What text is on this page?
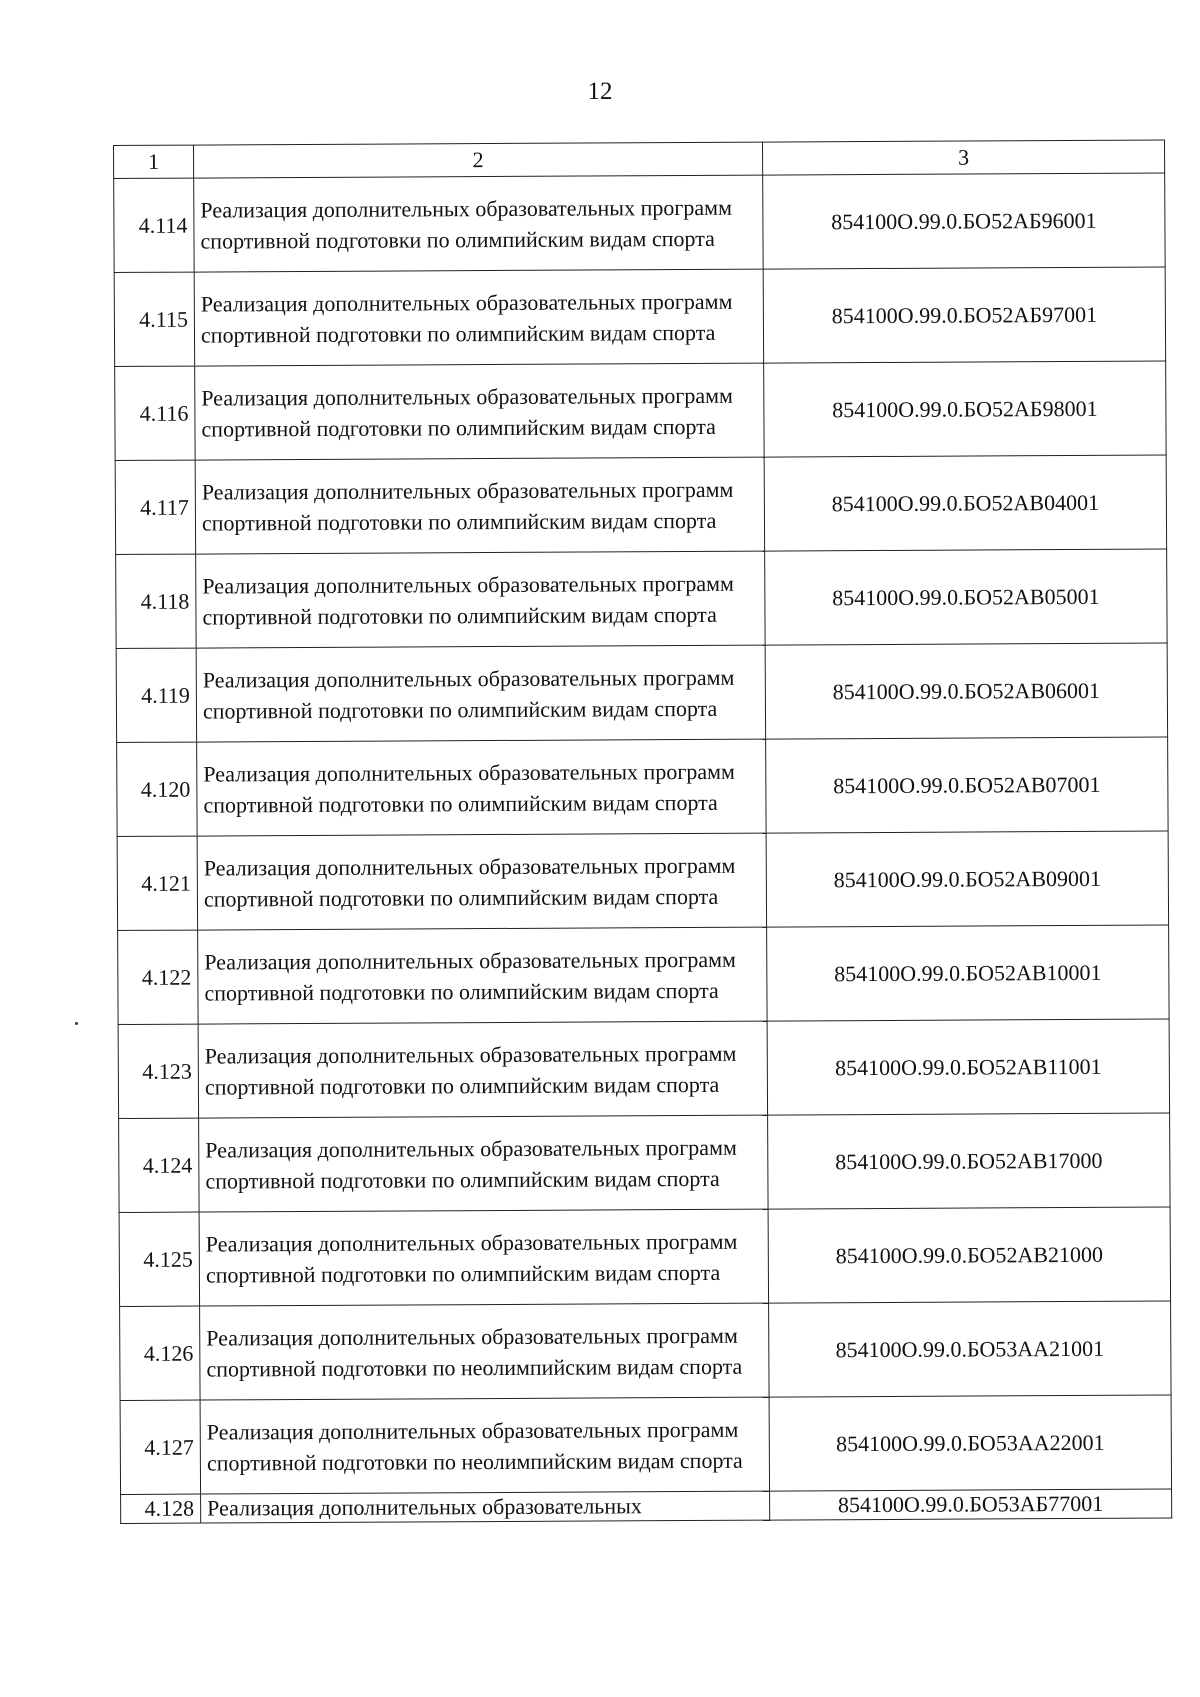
12
1	2	3
4.114	Реализация дополнительных образовательных программ спортивной подготовки по олимпийским видам спорта	854100О.99.0.БО52АБ96001
4.115	Реализация дополнительных образовательных программ спортивной подготовки по олимпийским видам спорта	854100О.99.0.БО52АБ97001
4.116	Реализация дополнительных образовательных программ спортивной подготовки по олимпийским видам спорта	854100О.99.0.БО52АБ98001
4.117	Реализация дополнительных образовательных программ спортивной подготовки по олимпийским видам спорта	854100О.99.0.БО52АВ04001
4.118	Реализация дополнительных образовательных программ спортивной подготовки по олимпийским видам спорта	854100О.99.0.БО52АВ05001
4.119	Реализация дополнительных образовательных программ спортивной подготовки по олимпийским видам спорта	854100О.99.0.БО52АВ06001
4.120	Реализация дополнительных образовательных программ спортивной подготовки по олимпийским видам спорта	854100О.99.0.БО52АВ07001
4.121	Реализация дополнительных образовательных программ спортивной подготовки по олимпийским видам спорта	854100О.99.0.БО52АВ09001
4.122	Реализация дополнительных образовательных программ спортивной подготовки по олимпийским видам спорта	854100О.99.0.БО52АВ10001
4.123	Реализация дополнительных образовательных программ спортивной подготовки по олимпийским видам спорта	854100О.99.0.БО52АВ11001
4.124	Реализация дополнительных образовательных программ спортивной подготовки по олимпийским видам спорта	854100О.99.0.БО52АВ17000
4.125	Реализация дополнительных образовательных программ спортивной подготовки по олимпийским видам спорта	854100О.99.0.БО52АВ21000
4.126	Реализация дополнительных образовательных программ спортивной подготовки по неолимпийским видам спорта	854100О.99.0.БО53АА21001
4.127	Реализация дополнительных образовательных программ спортивной подготовки по неолимпийским видам спорта	854100О.99.0.БО53АА22001
4.128	Реализация дополнительных образовательных	854100О.99.0.БО53АБ77001
